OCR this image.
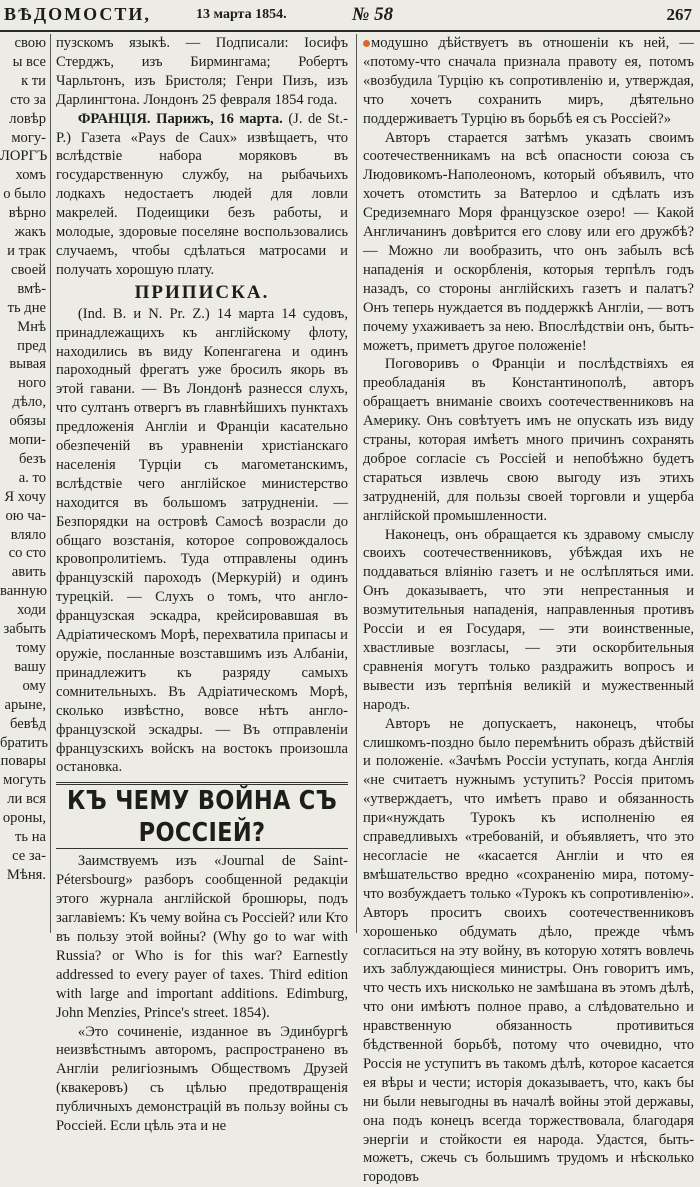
ВѢДОМОСТИ,	13 марта 1854.	№ 58	267

свою

ы все

к ти

сто за

ловѣр

могу-

ЛОРГЪ

хомъ

о было

вѣрно

жакъ

и трак

своей

вмѣ-

ть дне

Мнѣ

пред

вывая

ного

дѣло,

обязы

мопи-

безъ

а. то

Я хочу

ою ча-

вляло

со сто

авить

ванную

ходи

забыть

тому

вашу

ому

арыне,

бевѣд

братить

повары

могуть

ли вся

ороны,

ть на

се за-

Мѣня.

пузскомъ языкѣ. — Подписали: Іосифъ Стерджъ, изъ Бирмингама; Робертъ Чарльтонъ, изъ Бристоля; Генри Пизъ, изъ Дарлингтона. Лондонъ 25 февраля 1854 года.

ФРАНЦІЯ. Парижъ, 16 марта. (J. de St.-P.) Газета «Pays de Caux» извѣщаетъ, что вслѣдствіе набора моряковъ въ государственную службу, на рыбачьихъ лодкахъ недостаетъ людей для ловли макрелей. Подеищики безъ работы, и молодые, здоровые поселяне воспользовались случаемъ, чтобы сдѣлаться матросами и получать хорошую плату.

ПРИПИСКА.

(Ind. B. и N. Pr. Z.) 14 марта 14 судовъ, принадлежащихъ къ англійскому флоту, находились въ виду Копенгагена и одинъ пароходный фрегатъ уже бросилъ якорь въ этой гавани. — Въ Лондонѣ разнесся слухъ, что султанъ отвергъ въ главнѣйшихъ пунктахъ предложенія Англіи и Франціи касательно обезпеченій въ уравненіи христіанскаго населенія Турціи съ магометанскимъ, вслѣдствіе чего англійское министерство находится въ большомъ затрудненіи. — Безпорядки на островѣ Самосѣ возрасли до общаго возстанія, которое сопровождалось кровопролитіемъ. Туда отправлены одинъ французскій пароходъ (Меркурій) и одинъ турецкій. — Слухъ о томъ, что англо-французская эскадра, крейсировавшая въ Адріатическомъ Морѣ, перехватила припасы и оружіе, посланные возставшимъ изъ Албаніи, принадлежитъ къ разряду самыхъ сомнительныхъ. Въ Адріатическомъ Морѣ, сколько извѣстно, вовсе нѣтъ англо-французской эскадры. — Въ отправленіи французскихъ войскъ на востокъ произошла остановка.

КЪ ЧЕМУ ВОЙНА СЪ РОССІЕЙ?

Заимствуемъ изъ «Journal de Saint-Pétersbourg» разборъ сообщенной редакціи этого журнала англійской брошюры, подъ заглавіемъ: Къ чему война съ Россіей? или Кто въ пользу этой войны? (Why go to war with Russia? or Who is for this war? Earnestly addressed to every payer of taxes. Third edition with large and important additions. Edimburg, John Menzies, Prince's street. 1854).

«Это сочиненіе, изданное въ Эдинбургѣ неизвѣстнымъ авторомъ, распространено въ Англіи религіознымъ Обществомъ Друзей (квакеровъ) съ цѣлью предотвращенія публичныхъ демонстрацій въ пользу войны съ Россіей. Если цѣль эта и не

модушно дѣйствуетъ въ отношеніи къ ней, — «потому-что сначала признала правоту ея, потомъ «возбудила Турцію къ сопротивленію и, утверждая, что хочетъ сохранить миръ, дѣятельно поддерживаетъ Турцію въ борьбѣ ея съ Россіей?»

Авторъ старается затѣмъ указать своимъ соотечественникамъ на всѣ опасности союза съ Людовикомъ-Наполеономъ, который объявилъ, что хочетъ отомстить за Ватерлоо и сдѣлать изъ Средиземнаго Моря французское озеро! — Какой Англичанинъ довѣрится его слову или его дружбѣ? — Можно ли вообразить, что онъ забылъ всѣ нападенія и оскорбленія, которыя терпѣлъ годъ назадъ, со стороны англійскихъ газетъ и палатъ? Онъ теперь нуждается въ поддержкѣ Англіи, — вотъ почему ухаживаетъ за нею. Впослѣдствіи онъ, быть-можетъ, приметъ другое положеніе!

Поговоривъ о Франціи и послѣдствіяхъ ея преобладанія въ Константинополѣ, авторъ обращаетъ вниманіе своихъ соотечественниковъ на Америку. Онъ совѣтуетъ имъ не опускать изъ виду страны, которая имѣетъ много причинъ сохранять доброе согласіе съ Россіей и непобѣжно будетъ стараться извлечь свою выгоду изъ этихъ затрудненій, для пользы своей торговли и ущерба англійской промышленности.

Наконецъ, онъ обращается къ здравому смыслу своихъ соотечественниковъ, убѣждая ихъ не поддаваться вліянію газетъ и не ослѣпляться ими. Онъ доказываетъ, что эти непрестанныя и возмутительныя нападенія, направленныя противъ Россіи и ея Государя, — эти воинственные, хвастливые возгласы, — эти оскорбительныя сравненія могутъ только раздражить вопросъ и вывести изъ терпѣнія великій и мужественный народъ.

Авторъ не допускаетъ, наконецъ, чтобы слишкомъ-поздно было перемѣнить образъ дѣйствій и положеніе. «Зачѣмъ Россіи уступать, когда Англія «не считаетъ нужнымъ уступить? Россія притомъ «утверждаетъ, что имѣетъ право и обязанность при«нуждать Турокъ къ исполненію ея справедливыхъ «требованій, и объявляетъ, что это несогласіе не «касается Англіи и что ея вмѣшательство вредно «сохраненію мира, потому-что возбуждаетъ только «Турокъ къ сопротивленію». Авторъ проситъ своихъ соотечественниковъ хорошенько обдумать дѣло, прежде чѣмъ согласиться на эту войну, въ которую хотятъ вовлечь ихъ заблуждающіеся министры. Онъ говоритъ имъ, что честь ихъ нисколько не замѣшана въ этомъ дѣлѣ, что они имѣютъ полное право, а слѣдовательно и нравственную обязанность противиться бѣдственной борьбѣ, потому что очевидно, что Россія не уступитъ въ такомъ дѣлѣ, которое касается ея вѣры и чести; исторія доказываетъ, что, какъ бы ни были невыгодны въ началѣ войны этой державы, она подъ конецъ всегда торжествовала, благодаря энергіи и стойкости ея народа. Удастся, быть-можетъ, сжечь съ большимъ трудомъ и нѣсколько городовъ
